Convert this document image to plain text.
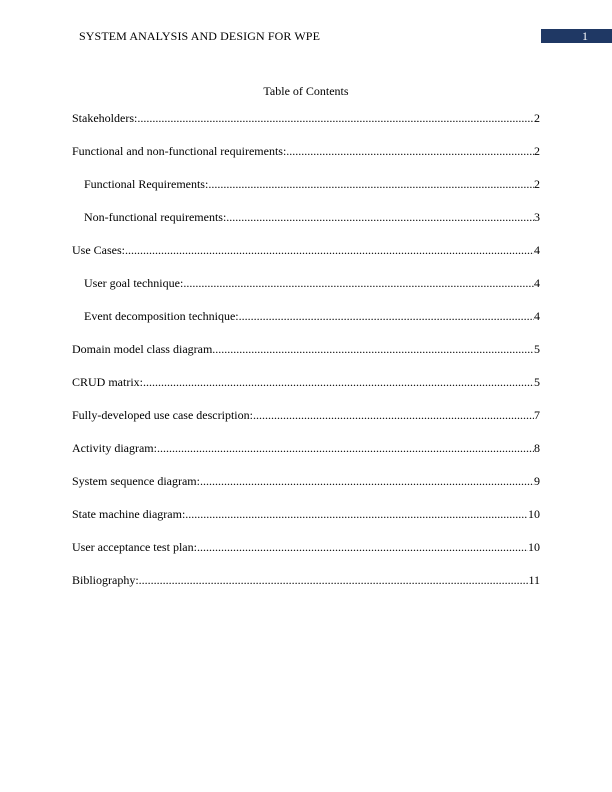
SYSTEM ANALYSIS AND DESIGN FOR WPE	1
Table of Contents
Stakeholders: .....	2
Functional and non-functional requirements: .....	2
Functional Requirements: .....	2
Non-functional requirements: .....	3
Use Cases: .....	4
User goal technique: .....	4
Event decomposition technique: .....	4
Domain model class diagram .....	5
CRUD matrix: .....	5
Fully-developed use case description: .....	7
Activity diagram: .....	8
System sequence diagram: .....	9
State machine diagram: .....	10
User acceptance test plan: .....	10
Bibliography: .....	11
